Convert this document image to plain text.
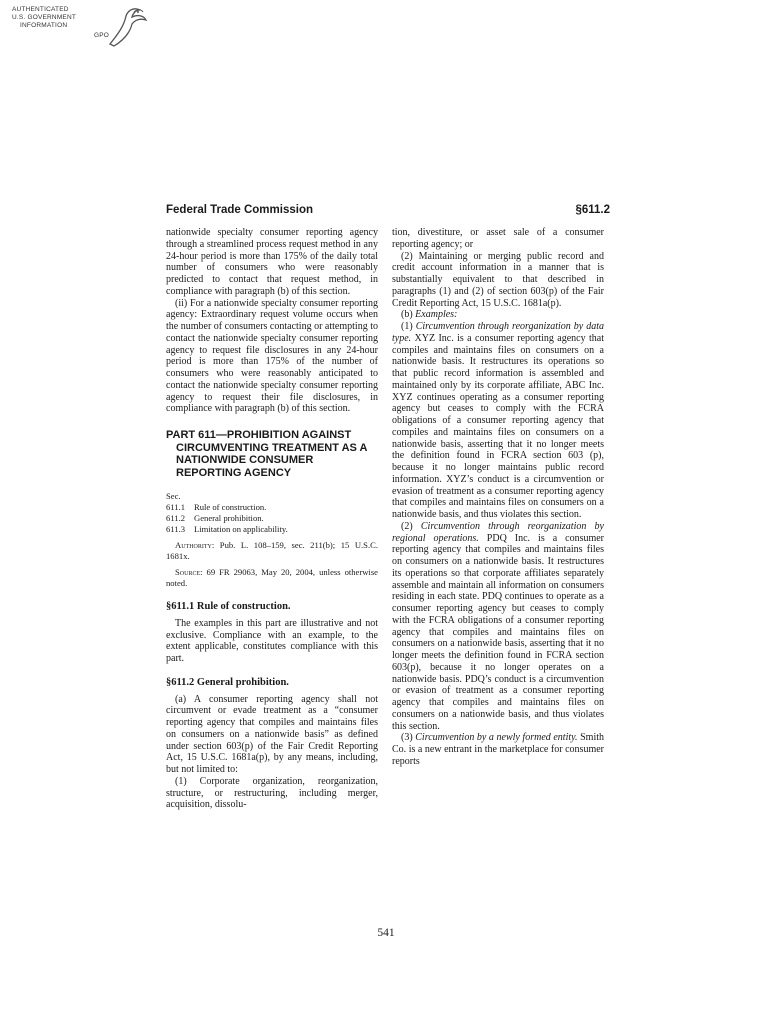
AUTHENTICATED
U.S. GOVERNMENT
INFORMATION
GPO
Federal Trade Commission	§611.2

nationwide specialty consumer reporting agency through a streamlined process request method in any 24-hour period is more than 175% of the daily total number of consumers who were reasonably predicted to contact that request method, in compliance with paragraph (b) of this section.

(ii) For a nationwide specialty consumer reporting agency: Extraordinary request volume occurs when the number of consumers contacting or attempting to contact the nationwide specialty consumer reporting agency to request file disclosures in any 24-hour period is more than 175% of the number of consumers who were reasonably anticipated to contact the nationwide specialty consumer reporting agency to request their file disclosures, in compliance with paragraph (b) of this section.

PART 611—PROHIBITION AGAINST CIRCUMVENTING TREATMENT AS A NATIONWIDE CONSUMER REPORTING AGENCY
Sec.
611.1	Rule of construction.
611.2	General prohibition.
611.3	Limitation on applicability.

Authority: Pub. L. 108–159, sec. 211(b); 15 U.S.C. 1681x.

Source: 69 FR 29063, May 20, 2004, unless otherwise noted.

§611.1 Rule of construction.

The examples in this part are illustrative and not exclusive. Compliance with an example, to the extent applicable, constitutes compliance with this part.

§611.2 General prohibition.

(a) A consumer reporting agency shall not circumvent or evade treatment as a “consumer reporting agency that compiles and maintains files on consumers on a nationwide basis” as defined under section 603(p) of the Fair Credit Reporting Act, 15 U.S.C. 1681a(p), by any means, including, but not limited to:

(1) Corporate organization, reorganization, structure, or restructuring, including merger, acquisition, dissolu-

tion, divestiture, or asset sale of a consumer reporting agency; or

(2) Maintaining or merging public record and credit account information in a manner that is substantially equivalent to that described in paragraphs (1) and (2) of section 603(p) of the Fair Credit Reporting Act, 15 U.S.C. 1681a(p).

(b) Examples:

(1) Circumvention through reorganization by data type. XYZ Inc. is a consumer reporting agency that compiles and maintains files on consumers on a nationwide basis. It restructures its operations so that public record information is assembled and maintained only by its corporate affiliate, ABC Inc. XYZ continues operating as a consumer reporting agency but ceases to comply with the FCRA obligations of a consumer reporting agency that compiles and maintains files on consumers on a nationwide basis, asserting that it no longer meets the definition found in FCRA section 603 (p), because it no longer maintains public record information. XYZ’s conduct is a circumvention or evasion of treatment as a consumer reporting agency that compiles and maintains files on consumers on a nationwide basis, and thus violates this section.

(2) Circumvention through reorganization by regional operations. PDQ Inc. is a consumer reporting agency that compiles and maintains files on consumers on a nationwide basis. It restructures its operations so that corporate affiliates separately assemble and maintain all information on consumers residing in each state. PDQ continues to operate as a consumer reporting agency but ceases to comply with the FCRA obligations of a consumer reporting agency that compiles and maintains files on consumers on a nationwide basis, asserting that it no longer meets the definition found in FCRA section 603(p), because it no longer operates on a nationwide basis. PDQ’s conduct is a circumvention or evasion of treatment as a consumer reporting agency that compiles and maintains files on consumers on a nationwide basis, and thus violates this section.

(3) Circumvention by a newly formed entity. Smith Co. is a new entrant in the marketplace for consumer reports

541
